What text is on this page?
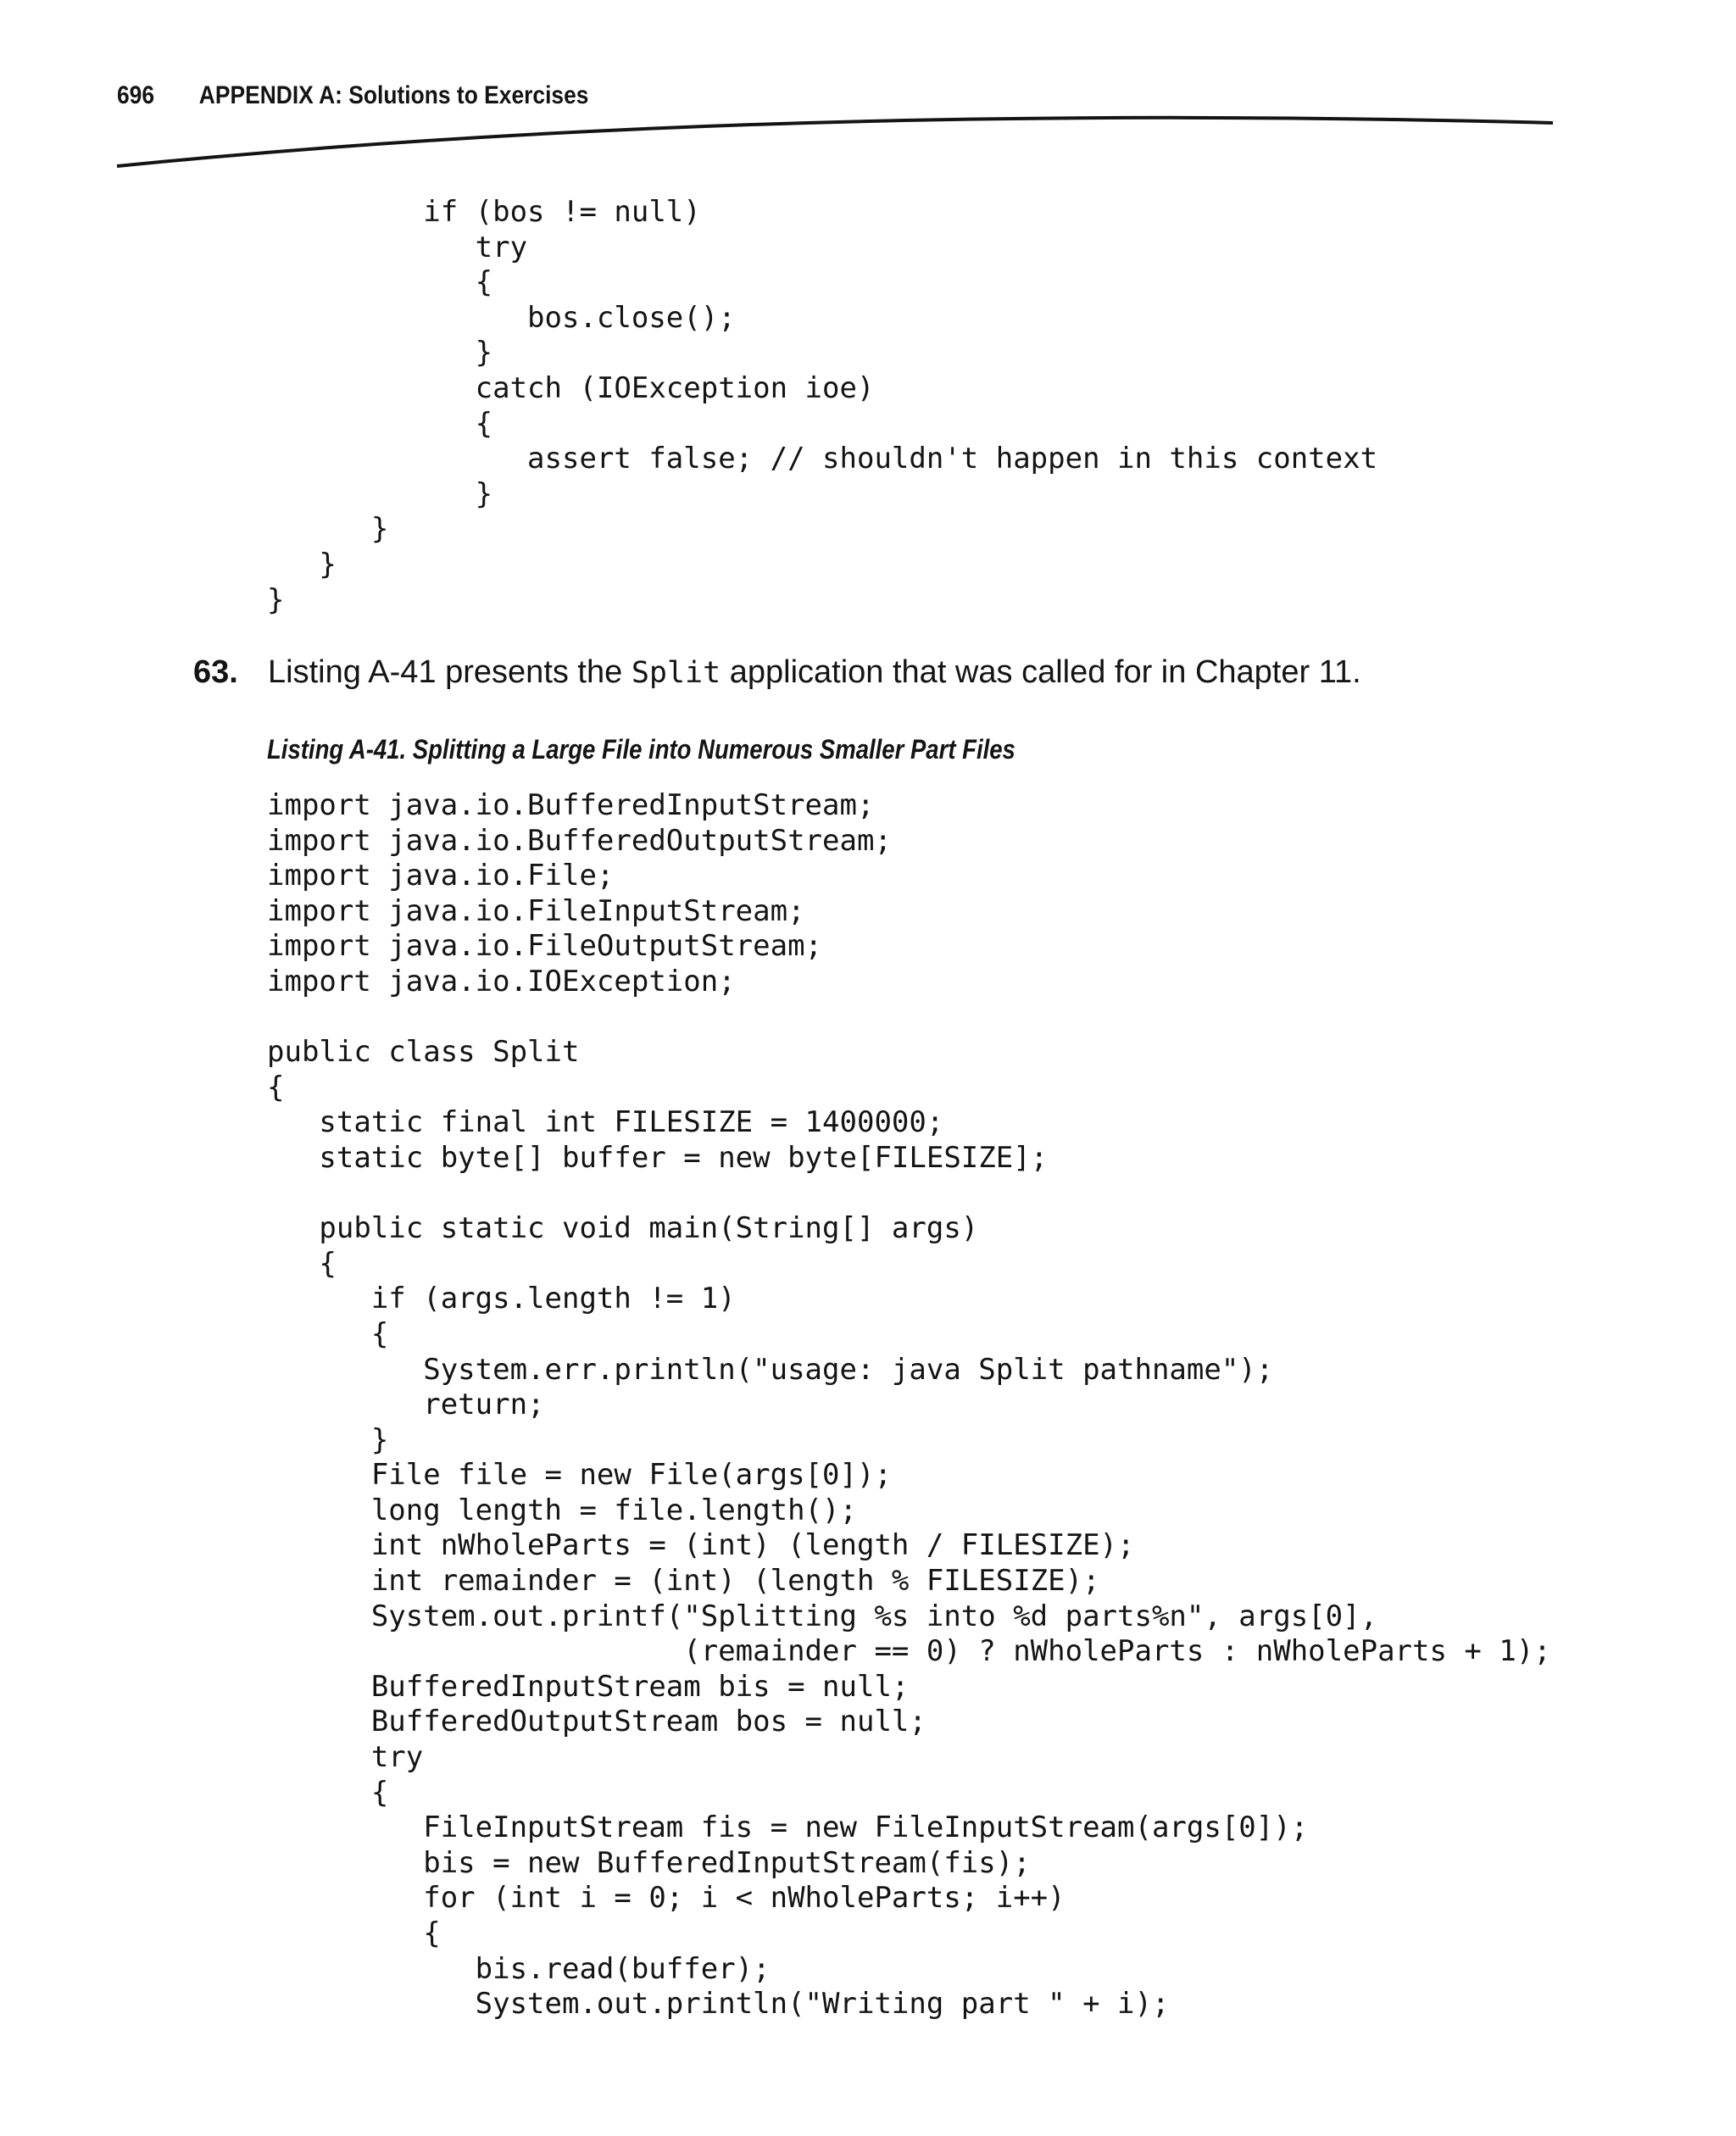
696 APPENDIX A: Solutions to Exercises
if (bos != null)
try
{
bos.close();
}
catch (IOException ioe)
{
assert false; // shouldn't happen in this context
}
}
}
}
63. Listing A-41 presents the Split application that was called for in Chapter 11.
Listing A-41. Splitting a Large File into Numerous Smaller Part Files
import java.io.BufferedInputStream;
import java.io.BufferedOutputStream;
import java.io.File;
import java.io.FileInputStream;
import java.io.FileOutputStream;
import java.io.IOException;

public class Split
{
static final int FILESIZE = 1400000;
static byte[] buffer = new byte[FILESIZE];

public static void main(String[] args)
{
if (args.length != 1)
{
System.err.println("usage: java Split pathname");
return;
}
File file = new File(args[0]);
long length = file.length();
int nWholeParts = (int) (length / FILESIZE);
int remainder = (int) (length % FILESIZE);
System.out.printf("Splitting %s into %d parts%n", args[0],
(remainder == 0) ? nWholeParts : nWholeParts + 1);
BufferedInputStream bis = null;
BufferedOutputStream bos = null;
try
{
FileInputStream fis = new FileInputStream(args[0]);
bis = new BufferedInputStream(fis);
for (int i = 0; i < nWholeParts; i++)
{
bis.read(buffer);
System.out.println("Writing part " + i);
